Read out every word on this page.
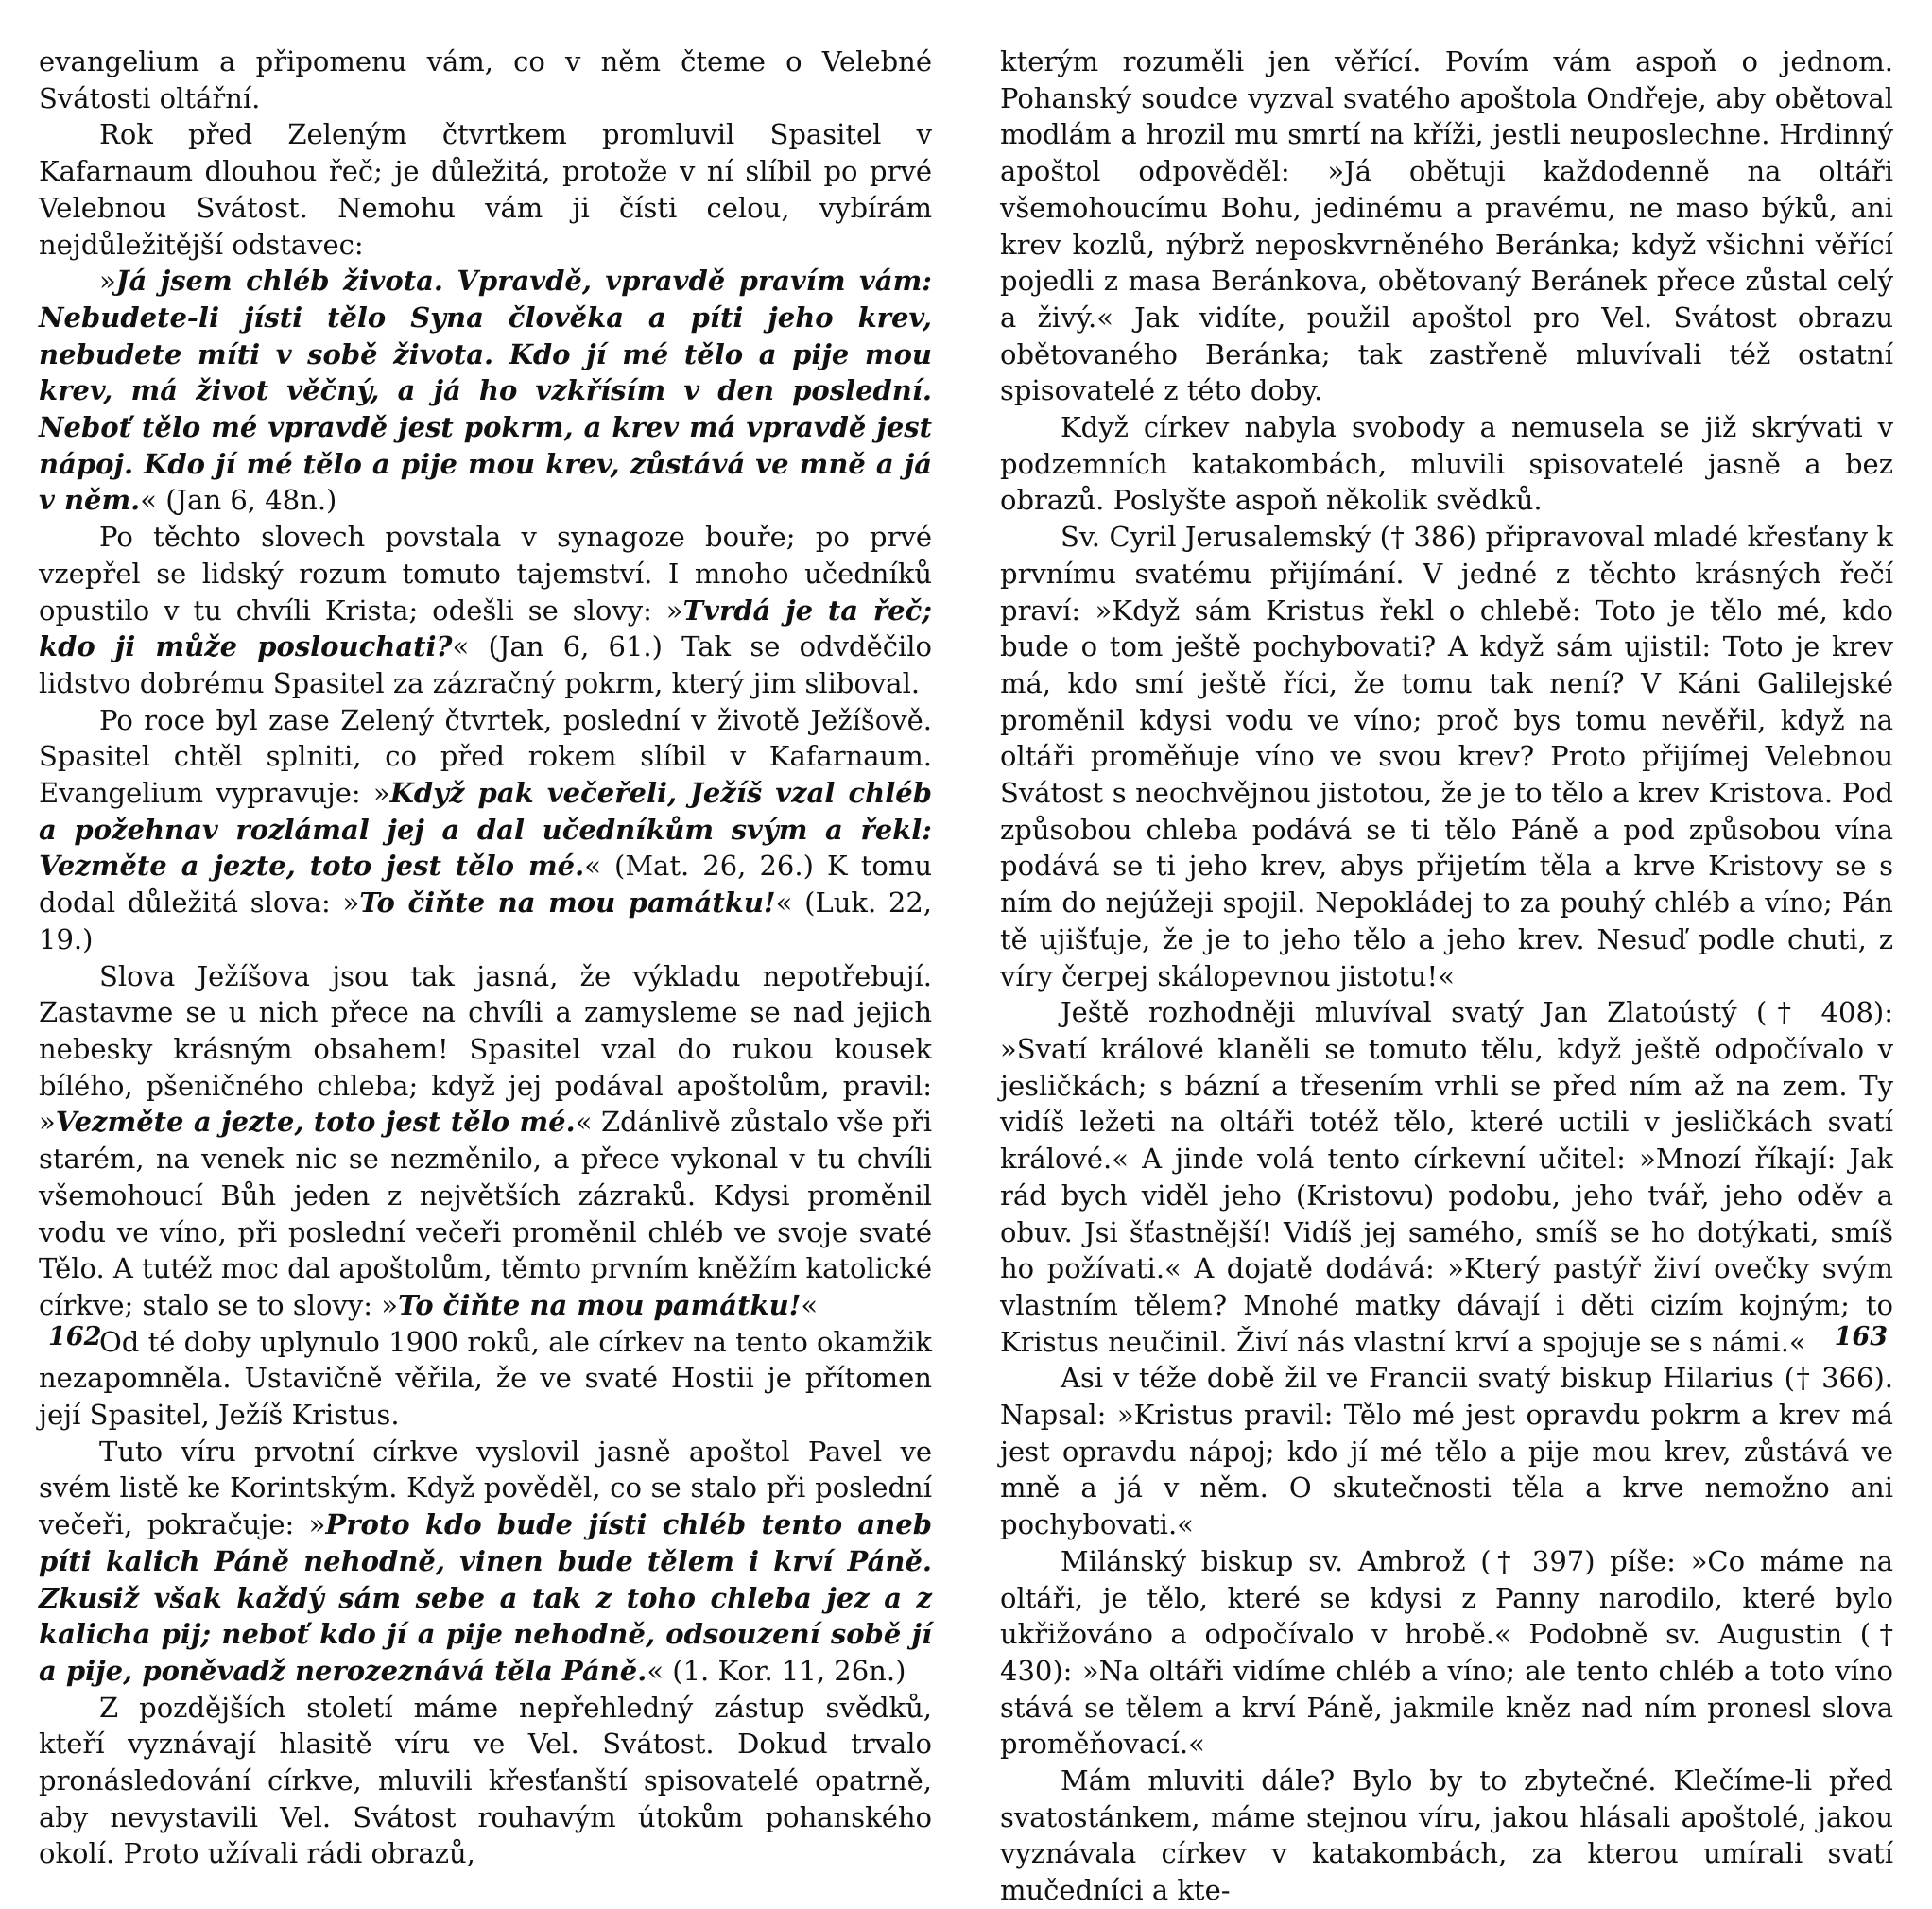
evangelium a připomenu vám, co v něm čteme o Velebné Svátosti oltářní.

Rok před Zeleným čtvrtkem promluvil Spasitel v Kafarnaum dlouhou řeč; je důležitá, protože v ní slíbil po prvé Velebnou Svátost. Nemohu vám ji čísti celou, vybírám nejdůležitější odstavec:

»Já jsem chléb života. Vpravdě, vpravdě pravím vám: Nebudete-li jísti tělo Syna člověka a píti jeho krev, nebudete míti v sobě života. Kdo jí mé tělo a pije mou krev, má život věčný, a já ho vzkřísím v den poslední. Neboť tělo mé vpravdě jest pokrm, a krev má vpravdě jest nápoj. Kdo jí mé tělo a pije mou krev, zůstává ve mně a já v něm.« (Jan 6, 48n.)

Po těchto slovech povstala v synagoze bouře; po prvé vzepřel se lidský rozum tomuto tajemství. I mnoho učedníků opustilo v tu chvíli Krista; odešli se slovy: »Tvrdá je ta řeč; kdo ji může poslouchati?« (Jan 6, 61.) Tak se odvděčilo lidstvo dobrému Spasitel za zázračný pokrm, který jim sliboval.

Po roce byl zase Zelený čtvrtek, poslední v životě Ježíšově. Spasitel chtěl splniti, co před rokem slíbil v Kafarnaum. Evangelium vypravuje: »Když pak večeřeli, Ježíš vzal chléb a požehnav rozlámal jej a dal učedníkům svým a řekl: Vezměte a jezte, toto jest tělo mé.« (Mat. 26, 26.) K tomu dodal důležitá slova: »To čiňte na mou památku!« (Luk. 22, 19.)

Slova Ježíšova jsou tak jasná, že výkladu nepotřebují. Zastavme se u nich přece na chvíli a zamysleme se nad jejich nebesky krásným obsahem! Spasitel vzal do rukou kousek bílého, pšeničného chleba; když jej podával apoštolům, pravil: »Vezměte a jezte, toto jest tělo mé.« Zdánlivě zůstalo vše při starém, na venek nic se nezměnilo, a přece vykonal v tu chvíli všemohoucí Bůh jeden z největších zázraků. Kdysi proměnil vodu ve víno, při poslední večeři proměnil chléb ve svoje svaté Tělo. A tutéž moc dal apoštolům, těmto prvním kněžím katolické církve; stalo se to slovy: »To čiňte na mou památku!«

Od té doby uplynulo 1900 roků, ale církev na tento okamžik nezapomněla. Ustavičně věřila, že ve svaté Hostii je přítomen její Spasitel, Ježíš Kristus.

Tuto víru prvotní církve vyslovil jasně apoštol Pavel ve svém listě ke Korintským. Když pověděl, co se stalo při poslední večeři, pokračuje: »Proto kdo bude jísti chléb tento aneb píti kalich Páně nehodně, vinen bude tělem i krví Páně. Zkusiž však každý sám sebe a tak z toho chleba jez a z kalicha pij; neboť kdo jí a pije nehodně, odsouzení sobě jí a pije, poněvadž nerozeznává těla Páně.« (1. Kor. 11, 26n.)

Z pozdějších století máme nepřehledný zástup svědků, kteří vyznávají hlasitě víru ve Vel. Svátost. Dokud trvalo pronásledování církve, mluvili křesťanští spisovatelé opatrně, aby nevystavili Vel. Svátost rouhavým útokům pohanského okolí. Proto užívali rádi obrazů,

162

kterým rozuměli jen věřící. Povím vám aspoň o jednom. Pohanský soudce vyzval svatého apoštola Ondřeje, aby obětoval modlám a hrozil mu smrtí na kříži, jestli neuposlechne. Hrdinný apoštol odpověděl: »Já obětuji každodenně na oltáři všemohoucímu Bohu, jedinému a pravému, ne maso býků, ani krev kozlů, nýbrž neposkvrněného Beránka; když všichni věřící pojedli z masa Beránkova, obětovaný Beránek přece zůstal celý a živý.« Jak vidíte, použil apoštol pro Vel. Svátost obrazu obětovaného Beránka; tak zastřeně mluvívali též ostatní spisovatelé z této doby.

Když církev nabyla svobody a nemusela se již skrývati v podzemních katakombách, mluvili spisovatelé jasně a bez obrazů. Poslyšte aspoň několik svědků.

Sv. Cyril Jerusalemský († 386) připravoval mladé křesťany k prvnímu svatému přijímání. V jedné z těchto krásných řečí praví: »Když sám Kristus řekl o chlebě: Toto je tělo mé, kdo bude o tom ještě pochybovati? A když sám ujistil: Toto je krev má, kdo smí ještě říci, že tomu tak není? V Káni Galilejské proměnil kdysi vodu ve víno; proč bys tomu nevěřil, když na oltáři proměňuje víno ve svou krev? Proto přijímej Velebnou Svátost s neochvějnou jistotou, že je to tělo a krev Kristova. Pod způsobou chleba podává se ti tělo Páně a pod způsobou vína podává se ti jeho krev, abys přijetím těla a krve Kristovy se s ním do nejúžeji spojil. Nepokládej to za pouhý chléb a víno; Pán tě ujišťuje, že je to jeho tělo a jeho krev. Nesuď podle chuti, z víry čerpej skálopevnou jistotu!«

Ještě rozhodněji mluvíval svatý Jan Zlatoústý († 408): »Svatí králové klaněli se tomuto tělu, když ještě odpočívalo v jesličkách; s bázní a třesením vrhli se před ním až na zem. Ty vidíš ležeti na oltáři totéž tělo, které uctili v jesličkách svatí králové.« A jinde volá tento církevní učitel: »Mnozí říkají: Jak rád bych viděl jeho (Kristovu) podobu, jeho tvář, jeho oděv a obuv. Jsi šťastnější! Vidíš jej samého, smíš se ho dotýkati, smíš ho požívati.« A dojatě dodává: »Který pastýř živí ovečky svým vlastním tělem? Mnohé matky dávají i děti cizím kojným; to Kristus neučinil. Živí nás vlastní krví a spojuje se s námi.«

Asi v téže době žil ve Francii svatý biskup Hilarius († 366). Napsal: »Kristus pravil: Tělo mé jest opravdu pokrm a krev má jest opravdu nápoj; kdo jí mé tělo a pije mou krev, zůstává ve mně a já v něm. O skutečnosti těla a krve nemožno ani pochybovati.«

Milánský biskup sv. Ambrož († 397) píše: »Co máme na oltáři, je tělo, které se kdysi z Panny narodilo, které bylo ukřižováno a odpočívalo v hrobě.« Podobně sv. Augustin († 430): »Na oltáři vidíme chléb a víno; ale tento chléb a toto víno stává se tělem a krví Páně, jakmile kněz nad ním pronesl slova proměňovací.«

Mám mluviti dále? Bylo by to zbytečné. Klečíme-li před svatostánkem, máme stejnou víru, jakou hlásali apoštolé, jakou vyznávala církev v katakombách, za kterou umírali svatí mučedníci a kte-

163
